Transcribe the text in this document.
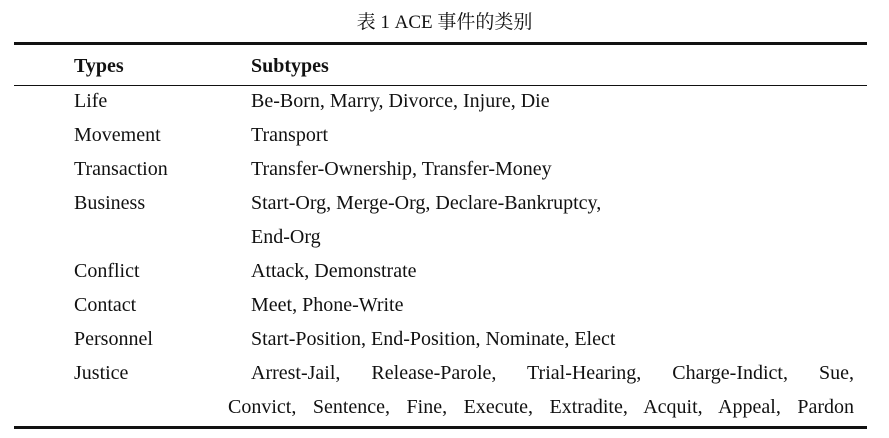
表 1 ACE 事件的类别
Types	Subtypes
Life	Be-Born, Marry, Divorce, Injure, Die
Movement	Transport
Transaction	Transfer-Ownership, Transfer-Money
Business	Start-Org, Merge-Org, Declare-Bankruptcy,
End-Org
Conflict	Attack, Demonstrate
Contact	Meet, Phone-Write
Personnel	Start-Position, End-Position, Nominate, Elect
Justice	Arrest-Jail, Release-Parole, Trial-Hearing, Charge-Indict, Sue,
Convict, Sentence, Fine, Execute, Extradite, Acquit, Appeal, Pardon
